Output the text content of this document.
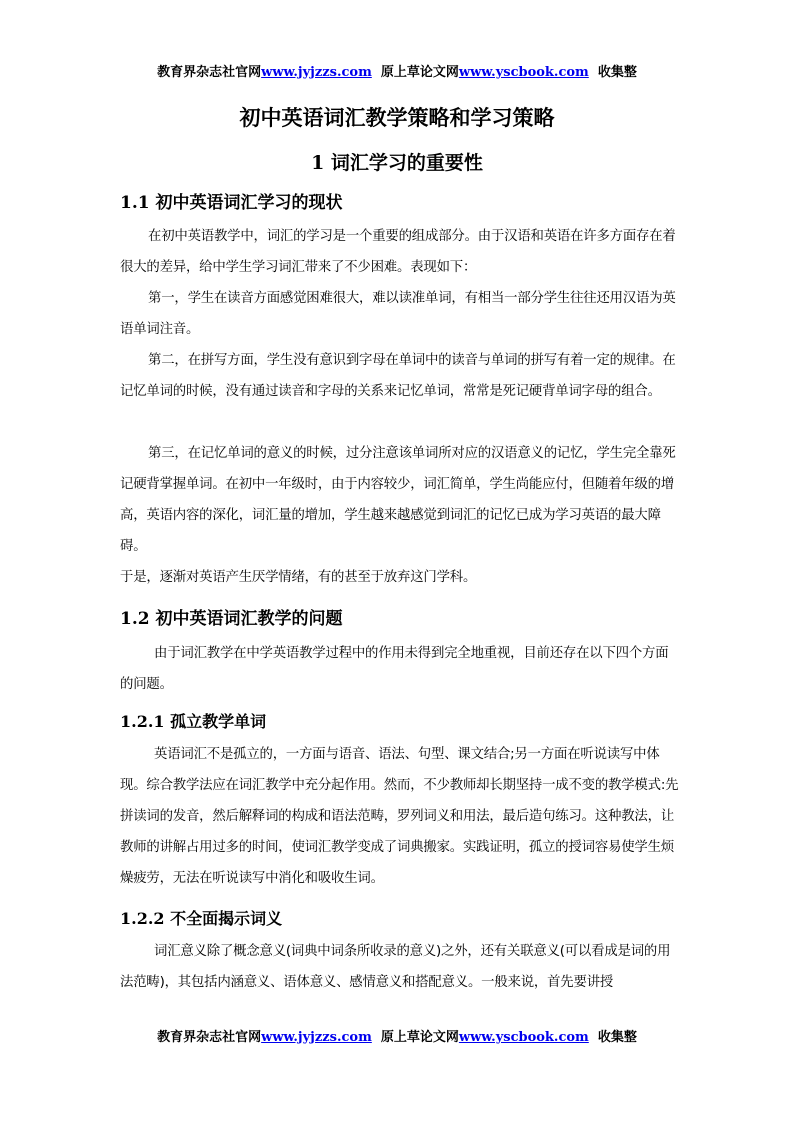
教育界杂志社官网www.jyjzzs.com 原上草论文网www.yscbook.com 收集整
初中英语词汇教学策略和学习策略
1 词汇学习的重要性
1.1 初中英语词汇学习的现状
在初中英语教学中，词汇的学习是一个重要的组成部分。由于汉语和英语在许多方面存在着很大的差异，给中学生学习词汇带来了不少困难。表现如下：
第一，学生在读音方面感觉困难很大，难以读准单词，有相当一部分学生往往还用汉语为英语单词注音。
第二，在拼写方面，学生没有意识到字母在单词中的读音与单词的拼写有着一定的规律。在记忆单词的时候，没有通过读音和字母的关系来记忆单词，常常是死记硬背单词字母的组合。
第三，在记忆单词的意义的时候，过分注意该单词所对应的汉语意义的记忆，学生完全靠死记硬背掌握单词。在初中一年级时，由于内容较少，词汇简单，学生尚能应付，但随着年级的增高，英语内容的深化，词汇量的增加，学生越来越感觉到词汇的记忆已成为学习英语的最大障碍。
于是，逐渐对英语产生厌学情绪，有的甚至于放弃这门学科。
1.2 初中英语词汇教学的问题
由于词汇教学在中学英语教学过程中的作用未得到完全地重视，目前还存在以下四个方面的问题。
1.2.1 孤立教学单词
英语词汇不是孤立的，一方面与语音、语法、句型、课文结合;另一方面在听说读写中体现。综合教学法应在词汇教学中充分起作用。然而，不少教师却长期坚持一成不变的教学模式:先拼读词的发音，然后解释词的构成和语法范畴，罗列词义和用法，最后造句练习。这种教法，让教师的讲解占用过多的时间，使词汇教学变成了词典搬家。实践证明，孤立的授词容易使学生烦燥疲劳，无法在听说读写中消化和吸收生词。
1.2.2 不全面揭示词义
词汇意义除了概念意义(词典中词条所收录的意义)之外，还有关联意义(可以看成是词的用法范畴)，其包括内涵意义、语体意义、感情意义和搭配意义。一般来说，首先要讲授
教育界杂志社官网www.jyjzzs.com 原上草论文网www.yscbook.com 收集整
